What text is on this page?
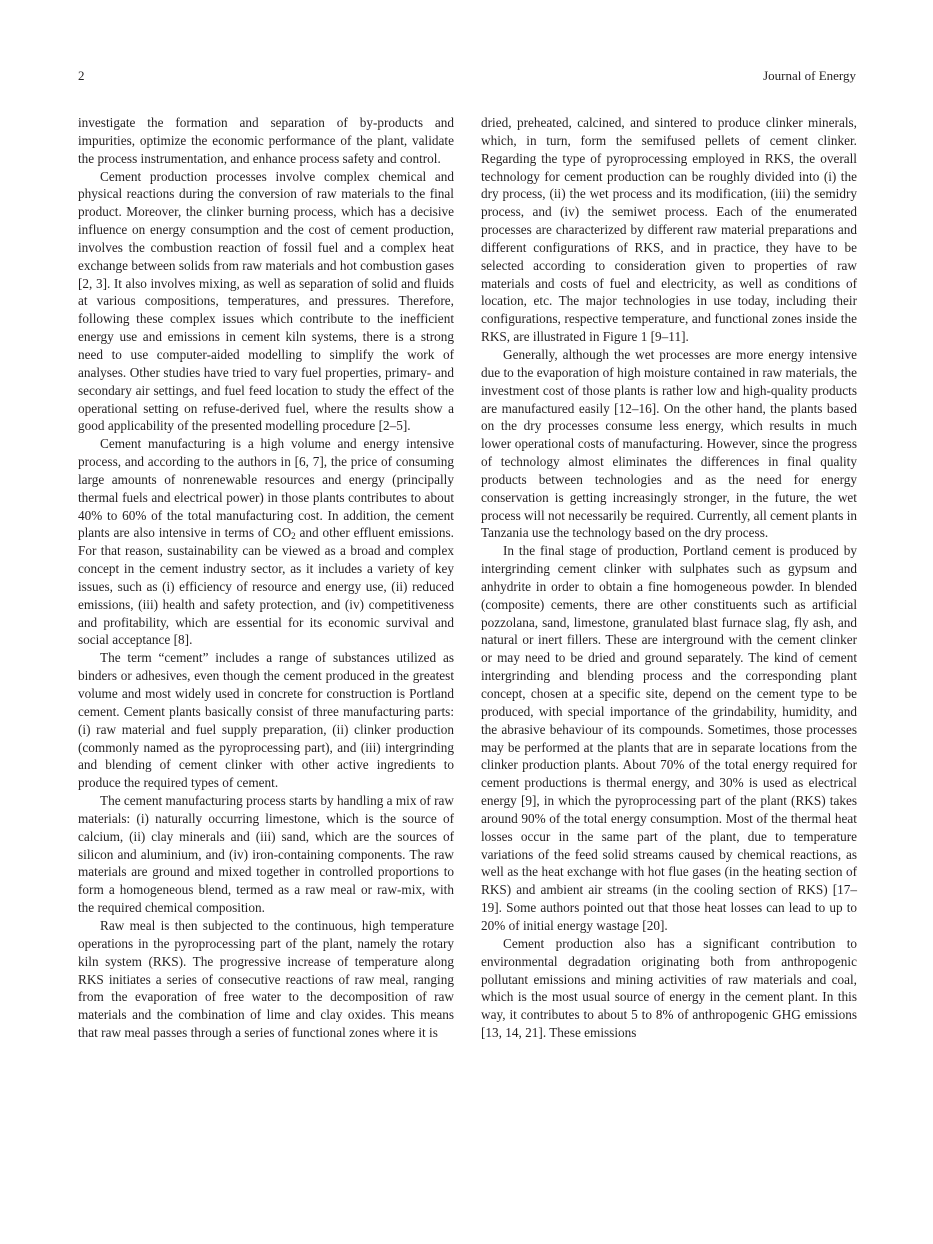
2	Journal of Energy

investigate the formation and separation of by-products and impurities, optimize the economic performance of the plant, validate the process instrumentation, and enhance process safety and control.

Cement production processes involve complex chemical and physical reactions during the conversion of raw materials to the final product. Moreover, the clinker burning process, which has a decisive influence on energy consumption and the cost of cement production, involves the combustion reaction of fossil fuel and a complex heat exchange between solids from raw materials and hot combustion gases [2, 3]. It also involves mixing, as well as separation of solid and fluids at various compositions, temperatures, and pressures. Therefore, following these complex issues which contribute to the inefficient energy use and emissions in cement kiln systems, there is a strong need to use computer-aided modelling to simplify the work of analyses. Other studies have tried to vary fuel properties, primary- and secondary air settings, and fuel feed location to study the effect of the operational setting on refuse-derived fuel, where the results show a good applicability of the presented modelling procedure [2–5].

Cement manufacturing is a high volume and energy intensive process, and according to the authors in [6, 7], the price of consuming large amounts of nonrenewable resources and energy (principally thermal fuels and electrical power) in those plants contributes to about 40% to 60% of the total manufacturing cost. In addition, the cement plants are also intensive in terms of $CO_2$ and other effluent emissions. For that reason, sustainability can be viewed as a broad and complex concept in the cement industry sector, as it includes a variety of key issues, such as (i) efficiency of resource and energy use, (ii) reduced emissions, (iii) health and safety protection, and (iv) competitiveness and profitability, which are essential for its economic survival and social acceptance [8].

The term “cement” includes a range of substances utilized as binders or adhesives, even though the cement produced in the greatest volume and most widely used in concrete for construction is Portland cement. Cement plants basically consist of three manufacturing parts: (i) raw material and fuel supply preparation, (ii) clinker production (commonly named as the pyroprocessing part), and (iii) intergrinding and blending of cement clinker with other active ingredients to produce the required types of cement.

The cement manufacturing process starts by handling a mix of raw materials: (i) naturally occurring limestone, which is the source of calcium, (ii) clay minerals and (iii) sand, which are the sources of silicon and aluminium, and (iv) iron-containing components. The raw materials are ground and mixed together in controlled proportions to form a homogeneous blend, termed as a raw meal or raw-mix, with the required chemical composition.

Raw meal is then subjected to the continuous, high temperature operations in the pyroprocessing part of the plant, namely the rotary kiln system (RKS). The progressive increase of temperature along RKS initiates a series of consecutive reactions of raw meal, ranging from the evaporation of free water to the decomposition of raw materials and the combination of lime and clay oxides. This means that raw meal passes through a series of functional zones where it is

dried, preheated, calcined, and sintered to produce clinker minerals, which, in turn, form the semifused pellets of cement clinker. Regarding the type of pyroprocessing employed in RKS, the overall technology for cement production can be roughly divided into (i) the dry process, (ii) the wet process and its modification, (iii) the semidry process, and (iv) the semiwet process. Each of the enumerated processes are characterized by different raw material preparations and different configurations of RKS, and in practice, they have to be selected according to consideration given to properties of raw materials and costs of fuel and electricity, as well as conditions of location, etc. The major technologies in use today, including their configurations, respective temperature, and functional zones inside the RKS, are illustrated in Figure 1 [9–11].

Generally, although the wet processes are more energy intensive due to the evaporation of high moisture contained in raw materials, the investment cost of those plants is rather low and high-quality products are manufactured easily [12–16]. On the other hand, the plants based on the dry processes consume less energy, which results in much lower operational costs of manufacturing. However, since the progress of technology almost eliminates the differences in final quality products between technologies and as the need for energy conservation is getting increasingly stronger, in the future, the wet process will not necessarily be required. Currently, all cement plants in Tanzania use the technology based on the dry process.

In the final stage of production, Portland cement is produced by intergrinding cement clinker with sulphates such as gypsum and anhydrite in order to obtain a fine homogeneous powder. In blended (composite) cements, there are other constituents such as artificial pozzolana, sand, limestone, granulated blast furnace slag, fly ash, and natural or inert fillers. These are interground with the cement clinker or may need to be dried and ground separately. The kind of cement intergrinding and blending process and the corresponding plant concept, chosen at a specific site, depend on the cement type to be produced, with special importance of the grindability, humidity, and the abrasive behaviour of its compounds. Sometimes, those processes may be performed at the plants that are in separate locations from the clinker production plants. About 70% of the total energy required for cement productions is thermal energy, and 30% is used as electrical energy [9], in which the pyroprocessing part of the plant (RKS) takes around 90% of the total energy consumption. Most of the thermal heat losses occur in the same part of the plant, due to temperature variations of the feed solid streams caused by chemical reactions, as well as the heat exchange with hot flue gases (in the heating section of RKS) and ambient air streams (in the cooling section of RKS) [17–19]. Some authors pointed out that those heat losses can lead to up to 20% of initial energy wastage [20].

Cement production also has a significant contribution to environmental degradation originating both from anthropogenic pollutant emissions and mining activities of raw materials and coal, which is the most usual source of energy in the cement plant. In this way, it contributes to about 5 to 8% of anthropogenic GHG emissions [13, 14, 21]. These emissions
